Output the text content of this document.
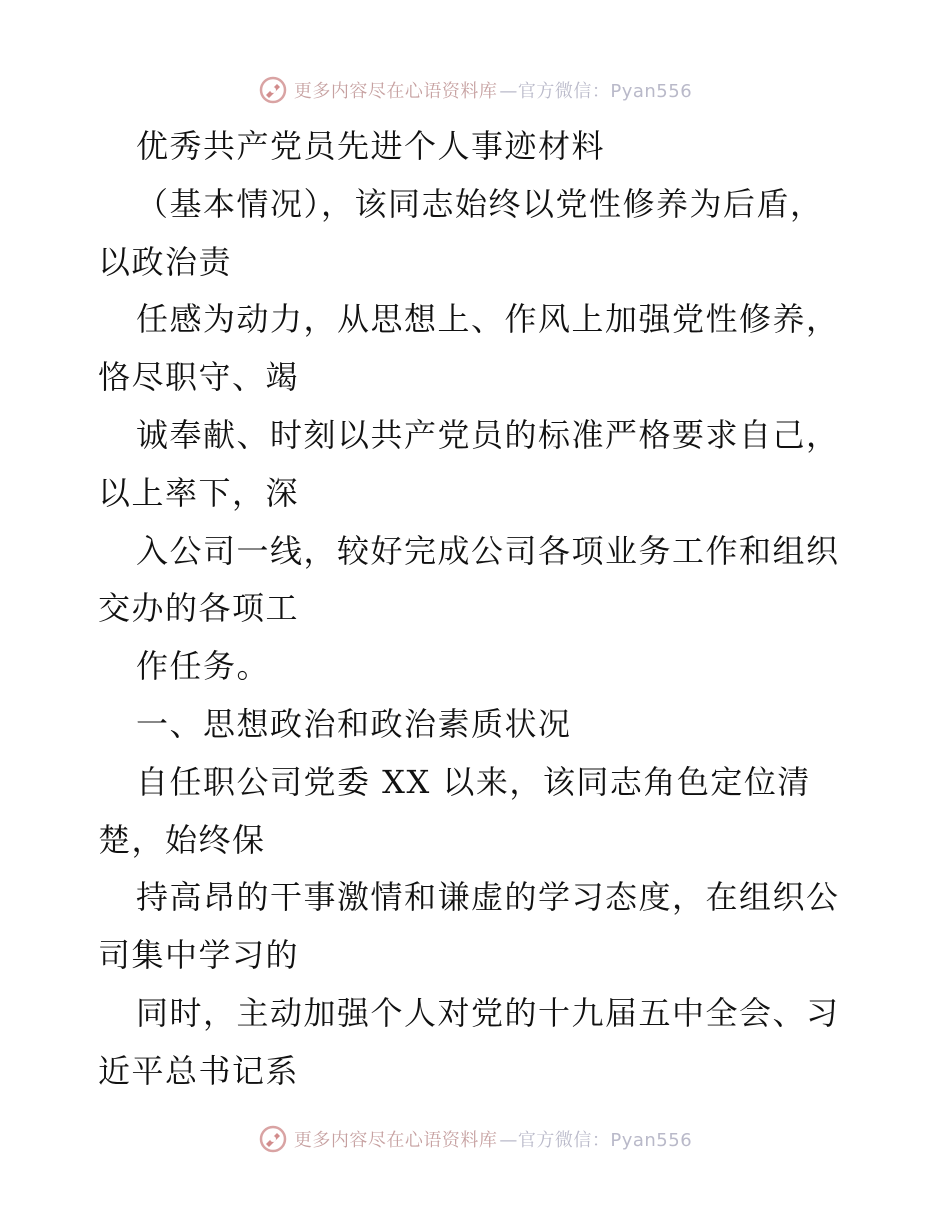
更多内容尽在心语资料库 —官方微信：Pyan556
优秀共产党员先进个人事迹材料
（基本情况），该同志始终以党性修养为后盾，
以政治责
任感为动力，从思想上、作风上加强党性修养，
恪尽职守、竭
诚奉献、时刻以共产党员的标准严格要求自己，
以上率下，深
入公司一线，较好完成公司各项业务工作和组织
交办的各项工
作任务。
一、思想政治和政治素质状况
自任职公司党委 XX 以来，该同志角色定位清
楚，始终保
持高昂的干事激情和谦虚的学习态度，在组织公
司集中学习的
同时，主动加强个人对党的十九届五中全会、习
近平总书记系
更多内容尽在心语资料库 —官方微信：Pyan556
